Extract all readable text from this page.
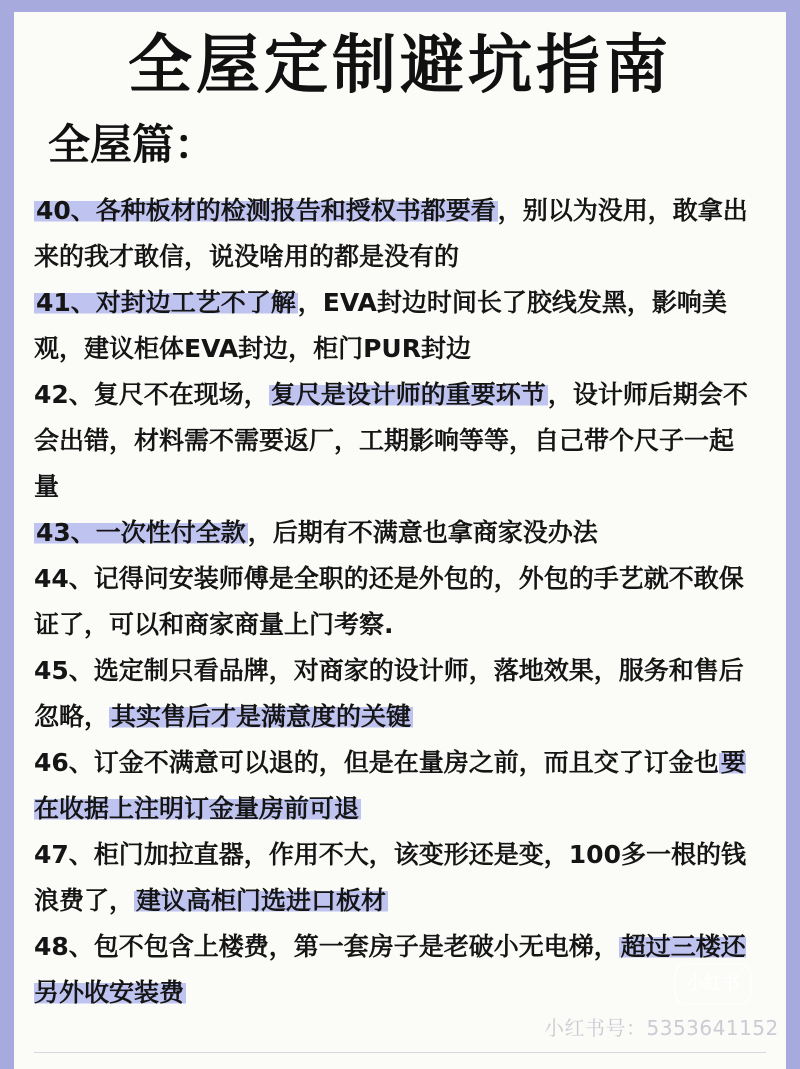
全屋定制避坑指南
全屋篇：

40、各种板材的检测报告和授权书都要看，别以为没用，敢拿出来的我才敢信，说没啥用的都是没有的

41、对封边工艺不了解，EVA封边时间长了胶线发黑，影响美观，建议柜体EVA封边，柜门PUR封边

42、复尺不在现场，复尺是设计师的重要环节，设计师后期会不会出错，材料需不需要返厂，工期影响等等，自己带个尺子一起量

43、一次性付全款，后期有不满意也拿商家没办法

44、记得问安装师傅是全职的还是外包的，外包的手艺就不敢保证了，可以和商家商量上门考察.

45、选定制只看品牌，对商家的设计师，落地效果，服务和售后忽略，其实售后才是满意度的关键

46、订金不满意可以退的，但是在量房之前，而且交了订金也要在收据上注明订金量房前可退

47、柜门加拉直器，作用不大，该变形还是变，100多一根的钱浪费了，建议高柜门选进口板材

48、包不包含上楼费，第一套房子是老破小无电梯，超过三楼还另外收安装费	小红书
小红书号：5353641152
